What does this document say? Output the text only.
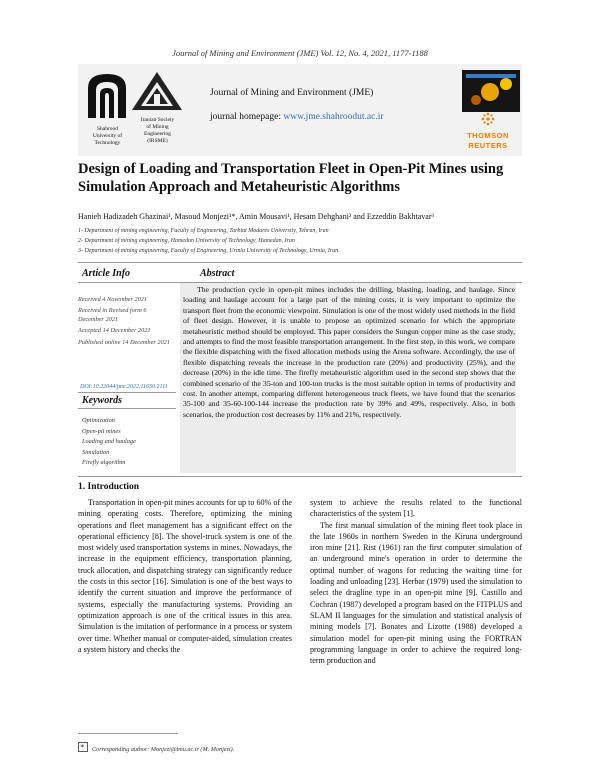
Journal of Mining and Environment (JME) Vol. 12, No. 4, 2021, 1177-1188
Shahrood
University of
Technology
Iranian Society
of Mining
Engineering
(IRSME)
Journal of Mining and Environment (JME)
journal homepage: www.jme.shahroodut.ac.ir
THOMSON
REUTERS
Design of Loading and Transportation Fleet in Open-Pit Mines using Simulation Approach and Metaheuristic Algorithms
Hanieh Hadizadeh Ghazinai¹, Masoud Monjezi¹*, Amin Mousavi¹, Hesam Dehghani² and Ezzeddin Bakhtavar³
1- Department of mining engineering, Faculty of Engineering, Tarbiat Modares University, Tehran, Iran
2- Department of mining engineering, Hamedan University of Technology, Hamedan, Iran
3- Department of mining engineering, Faculty of Engineering, Urmia University of Technology, Urmia, Iran
Article Info	Abstract
Received 4 November 2021
Received in Revised form 6 December 2021
Accepted 14 December 2021
Published online 14 December 2021
DOI:10.22044/jme.2022.11650.2111
Keywords
Optimization
Open-pit mines
Loading and haulage
Simulation
Firefly algorithm

The production cycle in open-pit mines includes the drilling, blasting, loading, and haulage. Since loading and haulage account for a large part of the mining costs, it is very important to optimize the transport fleet from the economic viewpoint. Simulation is one of the most widely used methods in the field of fleet design. However, it is unable to propose an optimized scenario for which the appropriate metaheuristic method should be employed. This paper considers the Sungun copper mine as the case study, and attempts to find the most feasible transportation arrangement. In the first step, in this work, we compare the flexible dispatching with the fixed allocation methods using the Arena software. Accordingly, the use of flexible dispatching reveals the increase in the production rate (20%) and productivity (25%), and the decrease (20%) in the idle time. The firefly metaheuristic algorithm used in the second step shows that the combined scenario of the 35-ton and 100-ton trucks is the most suitable option in terms of productivity and cost. In another attempt, comparing different heterogeneous truck fleets, we have found that the scenarios 35-100 and 35-60-100-144 increase the production rate by 39% and 49%, respectively. Also, in both scenarios, the production cost decreases by 11% and 21%, respectively.

1. Introduction

Transportation in open-pit mines accounts for up to 60% of the mining operating costs. Therefore, optimizing the mining operations and fleet management has a significant effect on the operational efficiency [8]. The shovel-truck system is one of the most widely used transportation systems in mines. Nowadays, the increase in the equipment efficiency, transportation planning, truck allocation, and dispatching strategy can significantly reduce the costs in this sector [16]. Simulation is one of the best ways to identify the current situation and improve the performance of systems, especially the manufacturing systems. Providing an optimization approach is one of the critical issues in this area. Simulation is the imitation of performance in a process or system over time. Whether manual or computer-aided, simulation creates a system history and checks the

system to achieve the results related to the functional characteristics of the system [1].

The first manual simulation of the mining fleet took place in the late 1960s in northern Sweden in the Kiruna underground iron mine [21]. Rist (1961) ran the first computer simulation of an underground mine's operation in order to determine the optimal number of wagons for reducing the waiting time for loading and unloading [23]. Herbar (1979) used the simulation to select the dragline type in an open-pit mine [9]. Castillo and Cochran (1987) developed a program based on the FITPLUS and SLAM II languages for the simulation and statistical analysis of mining models [7]. Bonates and Lizotte (1988) developed a simulation model for open-pit mining using the FORTRAN programming language in order to achieve the required long-term production and

* Corresponding author: Monjezi@tmu.ac.ir (M. Monjezi).
